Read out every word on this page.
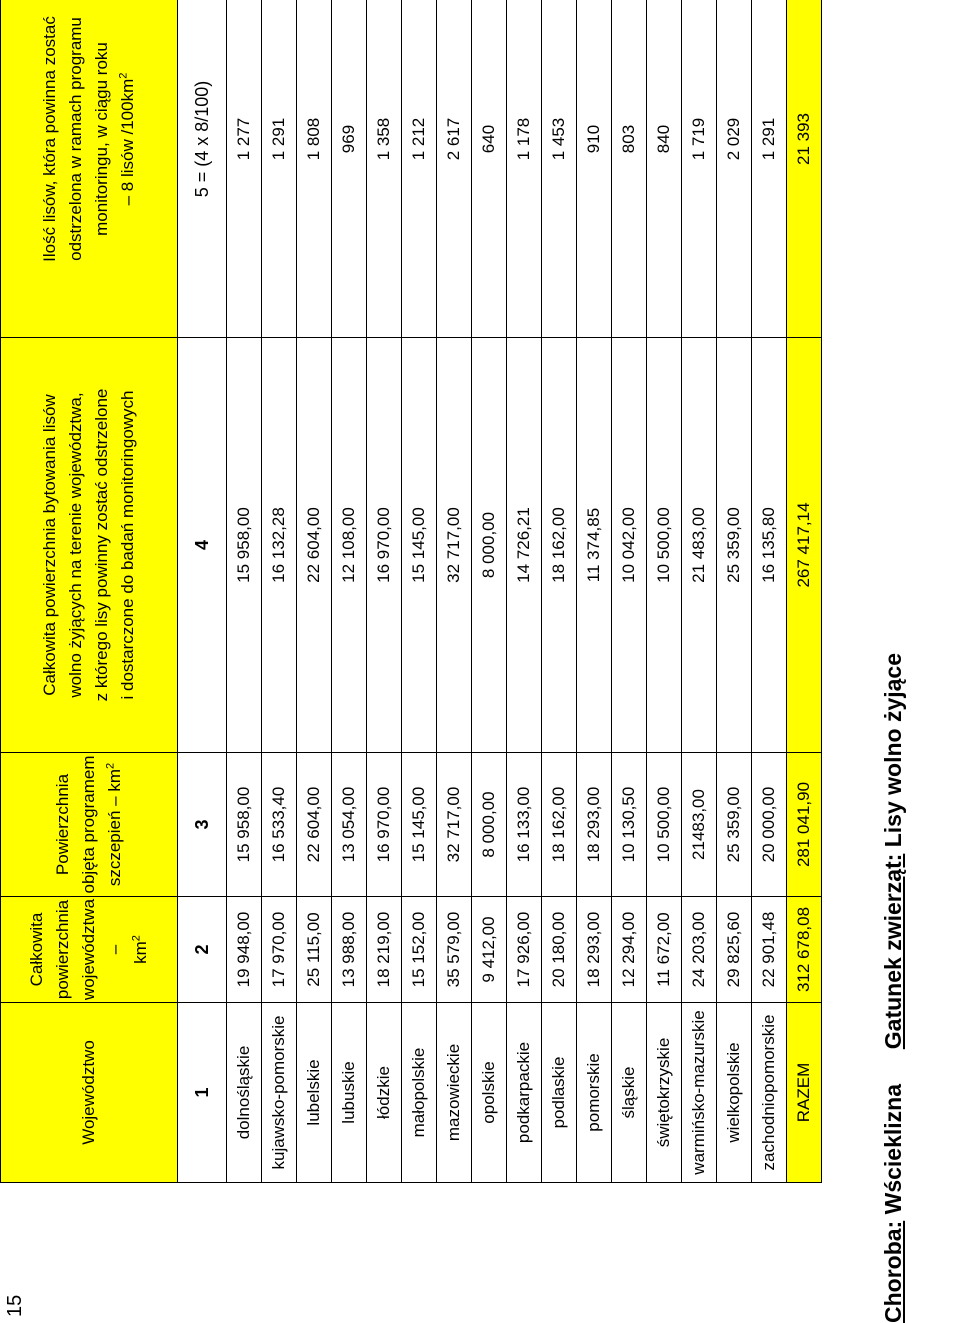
15
Województwo	Całkowita powierzchnia województwa – $km^2$	Powierzchnia objęta programem szczepień – $km^2$	Całkowita powierzchnia bytowania lisów wolno żyjących na terenie województwa, z którego lisy powinny zostać odstrzelone i dostarczone do badań monitoringowych	Ilość lisów, która powinna zostać odstrzelona w ramach programu monitoringu, w ciągu roku – 8 lisów $/100km^2$
1	2	3	4	5 = (4 x 8/100)
dolnośląskie	19 948,00	15 958,00	15 958,00	1 277
kujawsko-pomorskie	17 970,00	16 533,40	16 132,28	1 291
lubelskie	25 115,00	22 604,00	22 604,00	1 808
lubuskie	13 988,00	13 054,00	12 108,00	969
łódzkie	18 219,00	16 970,00	16 970,00	1 358
małopolskie	15 152,00	15 145,00	15 145,00	1 212
mazowieckie	35 579,00	32 717,00	32 717,00	2 617
opolskie	9 412,00	8 000,00	8 000,00	640
podkarpackie	17 926,00	16 133,00	14 726,21	1 178
podlaskie	20 180,00	18 162,00	18 162,00	1 453
pomorskie	18 293,00	18 293,00	11 374,85	910
śląskie	12 294,00	10 130,50	10 042,00	803
świętokrzyskie	11 672,00	10 500,00	10 500,00	840
warmińsko-mazurskie	24 203,00	21483,00	21 483,00	1 719
wielkopolskie	29 825,60	25 359,00	25 359,00	2 029
zachodniopomorskie	22 901,48	20 000,00	16 135,80	1 291
RAZEM	312 678,08	281 041,90	267 417,14	21 393
Choroba: Wścieklizna  Gatunek zwierząt: Lisy wolno żyjące
